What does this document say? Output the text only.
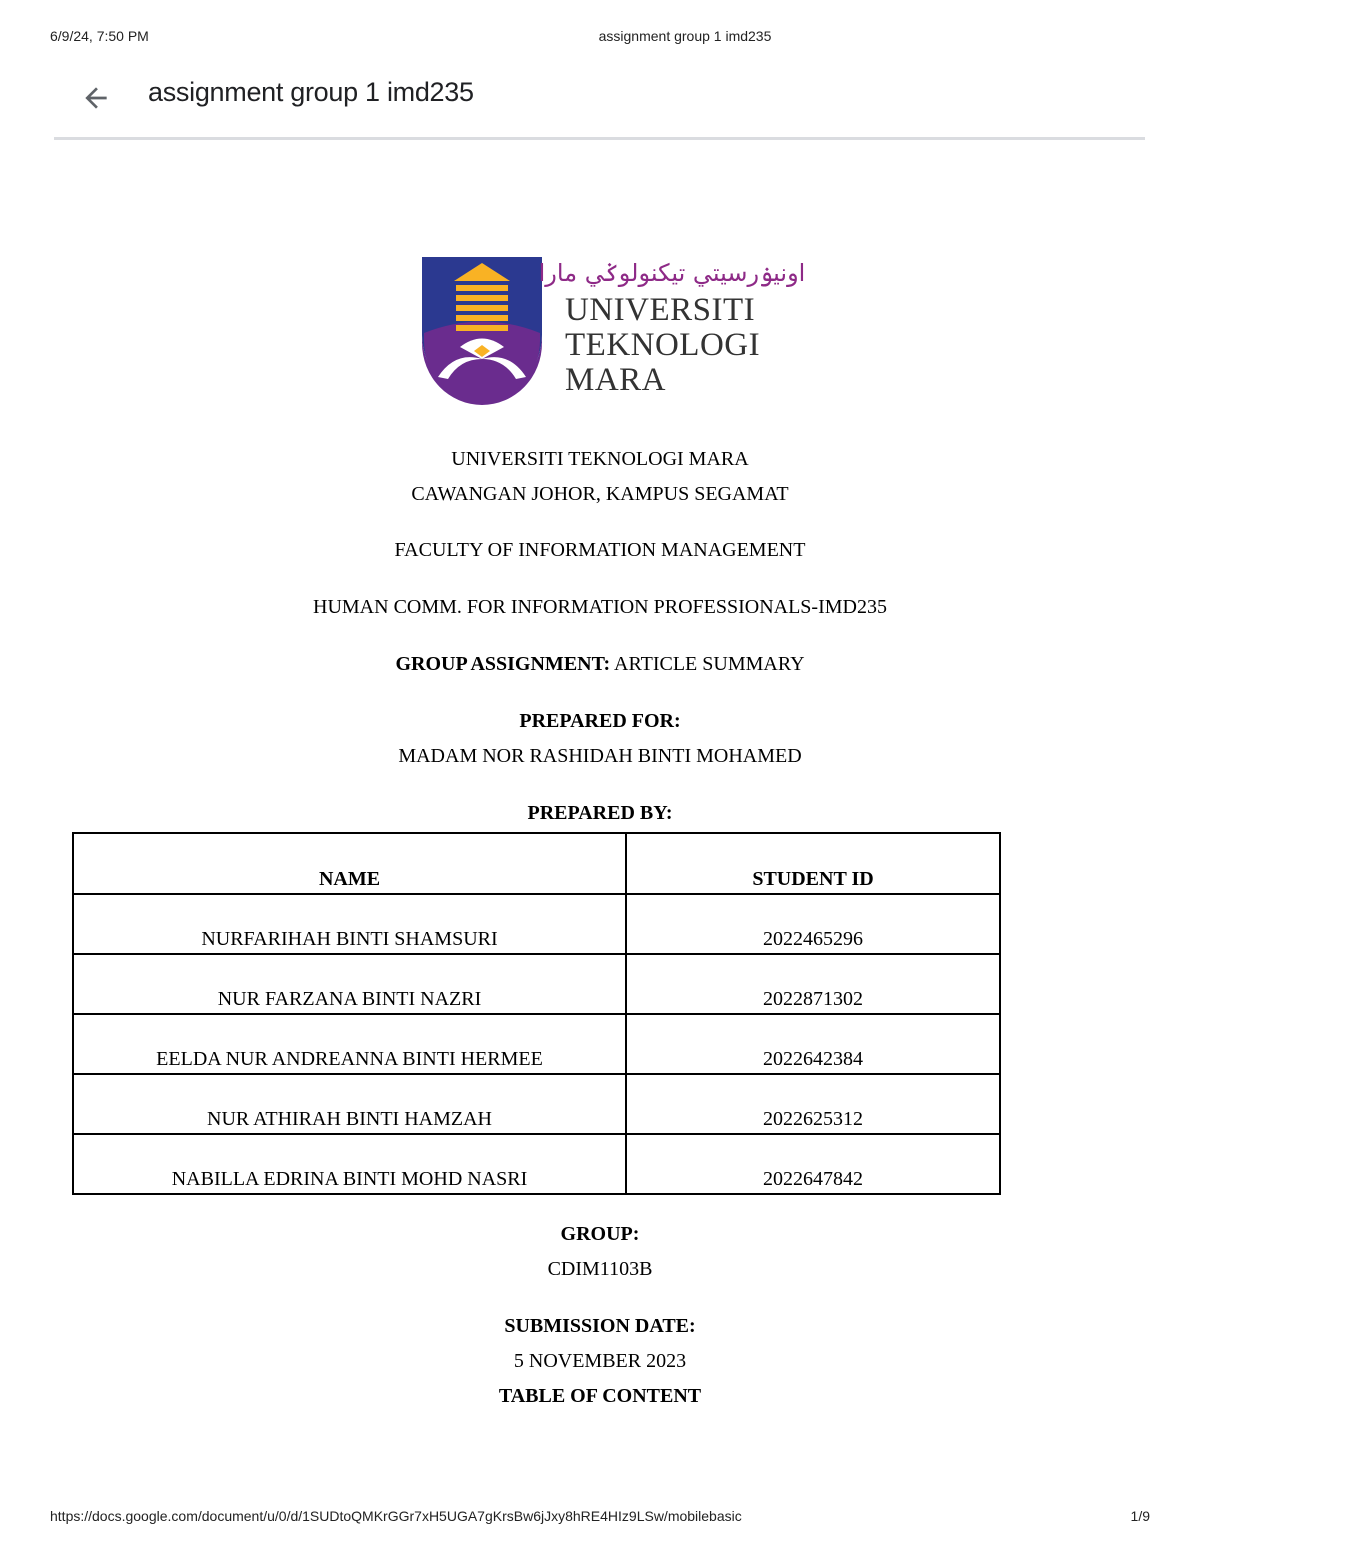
6/9/24, 7:50 PM	assignment group 1 imd235
assignment group 1 imd235
اونيۏرسيتي تيكنولوݢي مارا
UNIVERSITI
TEKNOLOGI
MARA
UNIVERSITI TEKNOLOGI MARA
CAWANGAN JOHOR, KAMPUS SEGAMAT
FACULTY OF INFORMATION MANAGEMENT
HUMAN COMM. FOR INFORMATION PROFESSIONALS-IMD235
GROUP ASSIGNMENT: ARTICLE SUMMARY
PREPARED FOR:
MADAM NOR RASHIDAH BINTI MOHAMED
PREPARED BY:
NAME	STUDENT ID
NURFARIHAH BINTI SHAMSURI	2022465296
NUR FARZANA BINTI NAZRI	2022871302
EELDA NUR ANDREANNA BINTI HERMEE	2022642384
NUR ATHIRAH BINTI HAMZAH	2022625312
NABILLA EDRINA BINTI MOHD NASRI	2022647842
GROUP:
CDIM1103B
SUBMISSION DATE:
5 NOVEMBER 2023
TABLE OF CONTENT
https://docs.google.com/document/u/0/d/1SUDtoQMKrGGr7xH5UGA7gKrsBw6jJxy8hRE4HIz9LSw/mobilebasic	1/9
